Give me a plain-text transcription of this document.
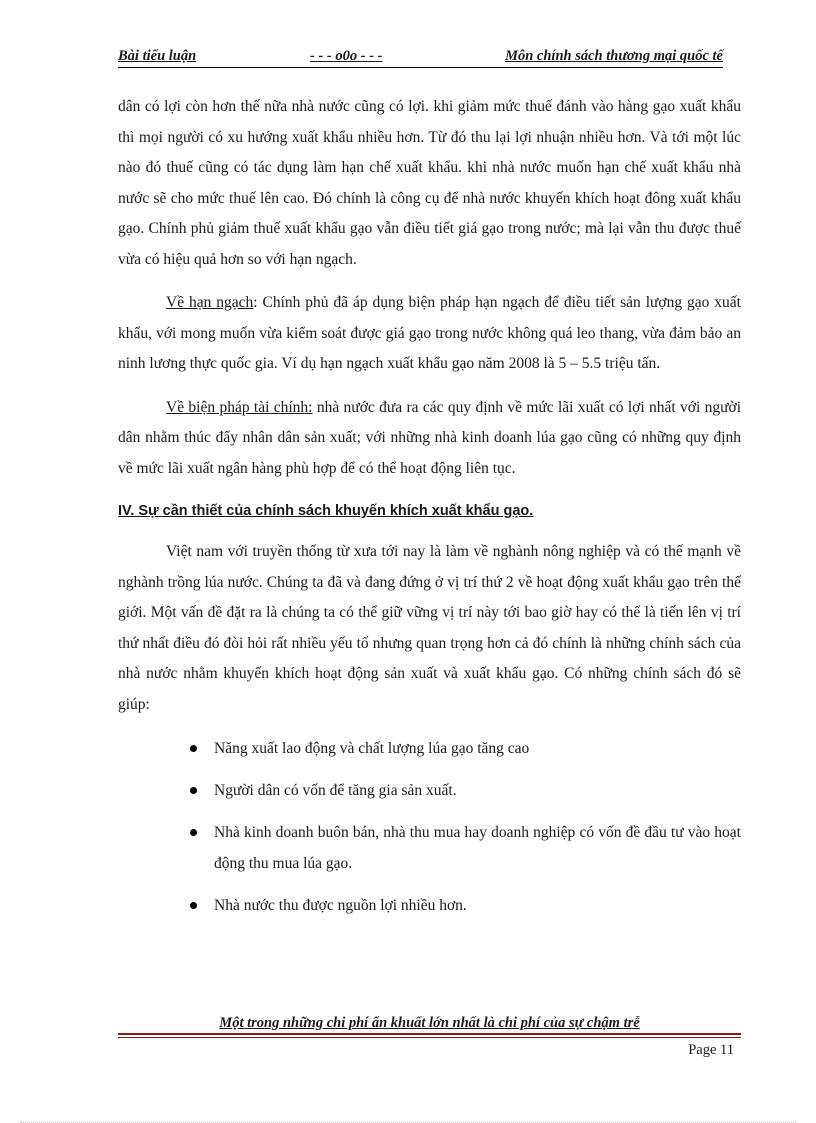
Bài tiểu luận	- - - o0o - - -	Môn chính sách thương mại quốc tế

dân có lợi còn hơn thế nữa nhà nước cũng có lợi. khi giảm mức thuế đánh vào hàng gạo xuất khẩu thì mọi người có xu hướng xuất khẩu nhiều hơn. Từ đó thu lại lợi nhuận nhiều hơn. Và tới một lúc nào đó thuế cũng có tác dụng làm hạn chế xuất khẩu. khi nhà nước muốn hạn chế xuất khẩu nhà nước sẽ cho mức thuế lên cao. Đó chính là công cụ để nhà nước khuyến khích hoạt đông xuất khẩu gạo. Chính phủ giảm thuế xuất khẩu gạo vẫn điều tiết giá gạo trong nước; mà lại vẫn thu được thuế vừa có hiệu quả hơn so với hạn ngạch.

Về hạn ngạch: Chính phủ đã áp dụng biện pháp hạn ngạch để điều tiết sản lượng gạo xuất khẩu, với mong muốn vừa kiểm soát được giá gạo trong nước không quá leo thang, vừa đảm bảo an ninh lương thực quốc gia. Ví dụ hạn ngạch xuất khẩu gạo năm 2008 là 5 – 5.5 triệu tấn.

Về biện pháp tài chính: nhà nước đưa ra các quy định về mức lãi xuất có lợi nhất với người dân nhằm thúc đẩy nhân dân sản xuất; với những nhà kinh doanh lúa gạo cũng có những quy định về mức lãi xuất ngân hàng phù hợp để có thể hoạt động liên tục.

IV. Sự cần thiết của chính sách khuyến khích xuất khẩu gạo.

Việt nam với truyền thống từ xưa tới nay là làm về nghành nông nghiệp và có thế mạnh về nghành trồng lúa nước. Chúng ta đã và đang đứng ở vị trí thứ 2 về hoạt động xuất khẩu gạo trên thế giới. Một vấn đề đặt ra là chúng ta có thể giữ vững vị trí này tới bao giờ hay có thể là tiến lên vị trí thứ nhất điều đó đòi hỏi rất nhiều yếu tố nhưng quan trọng hơn cả đó chính là những chính sách của nhà nước nhằm khuyến khích hoạt động sản xuất và xuất khẩu gạo. Có những chính sách đó sẽ giúp:

Năng xuất lao động và chất lượng lúa gạo tăng cao
Người dân có vốn để tăng gia sản xuất.
Nhà kinh doanh buôn bán, nhà thu mua hay doanh nghiệp có vốn đề đầu tư vào hoạt động thu mua lúa gạo.
Nhà nước thu được nguồn lợi nhiều hơn.
Một trong những chi phí ẩn khuất lớn nhất là chi phí của sự chậm trễ
Page 11
